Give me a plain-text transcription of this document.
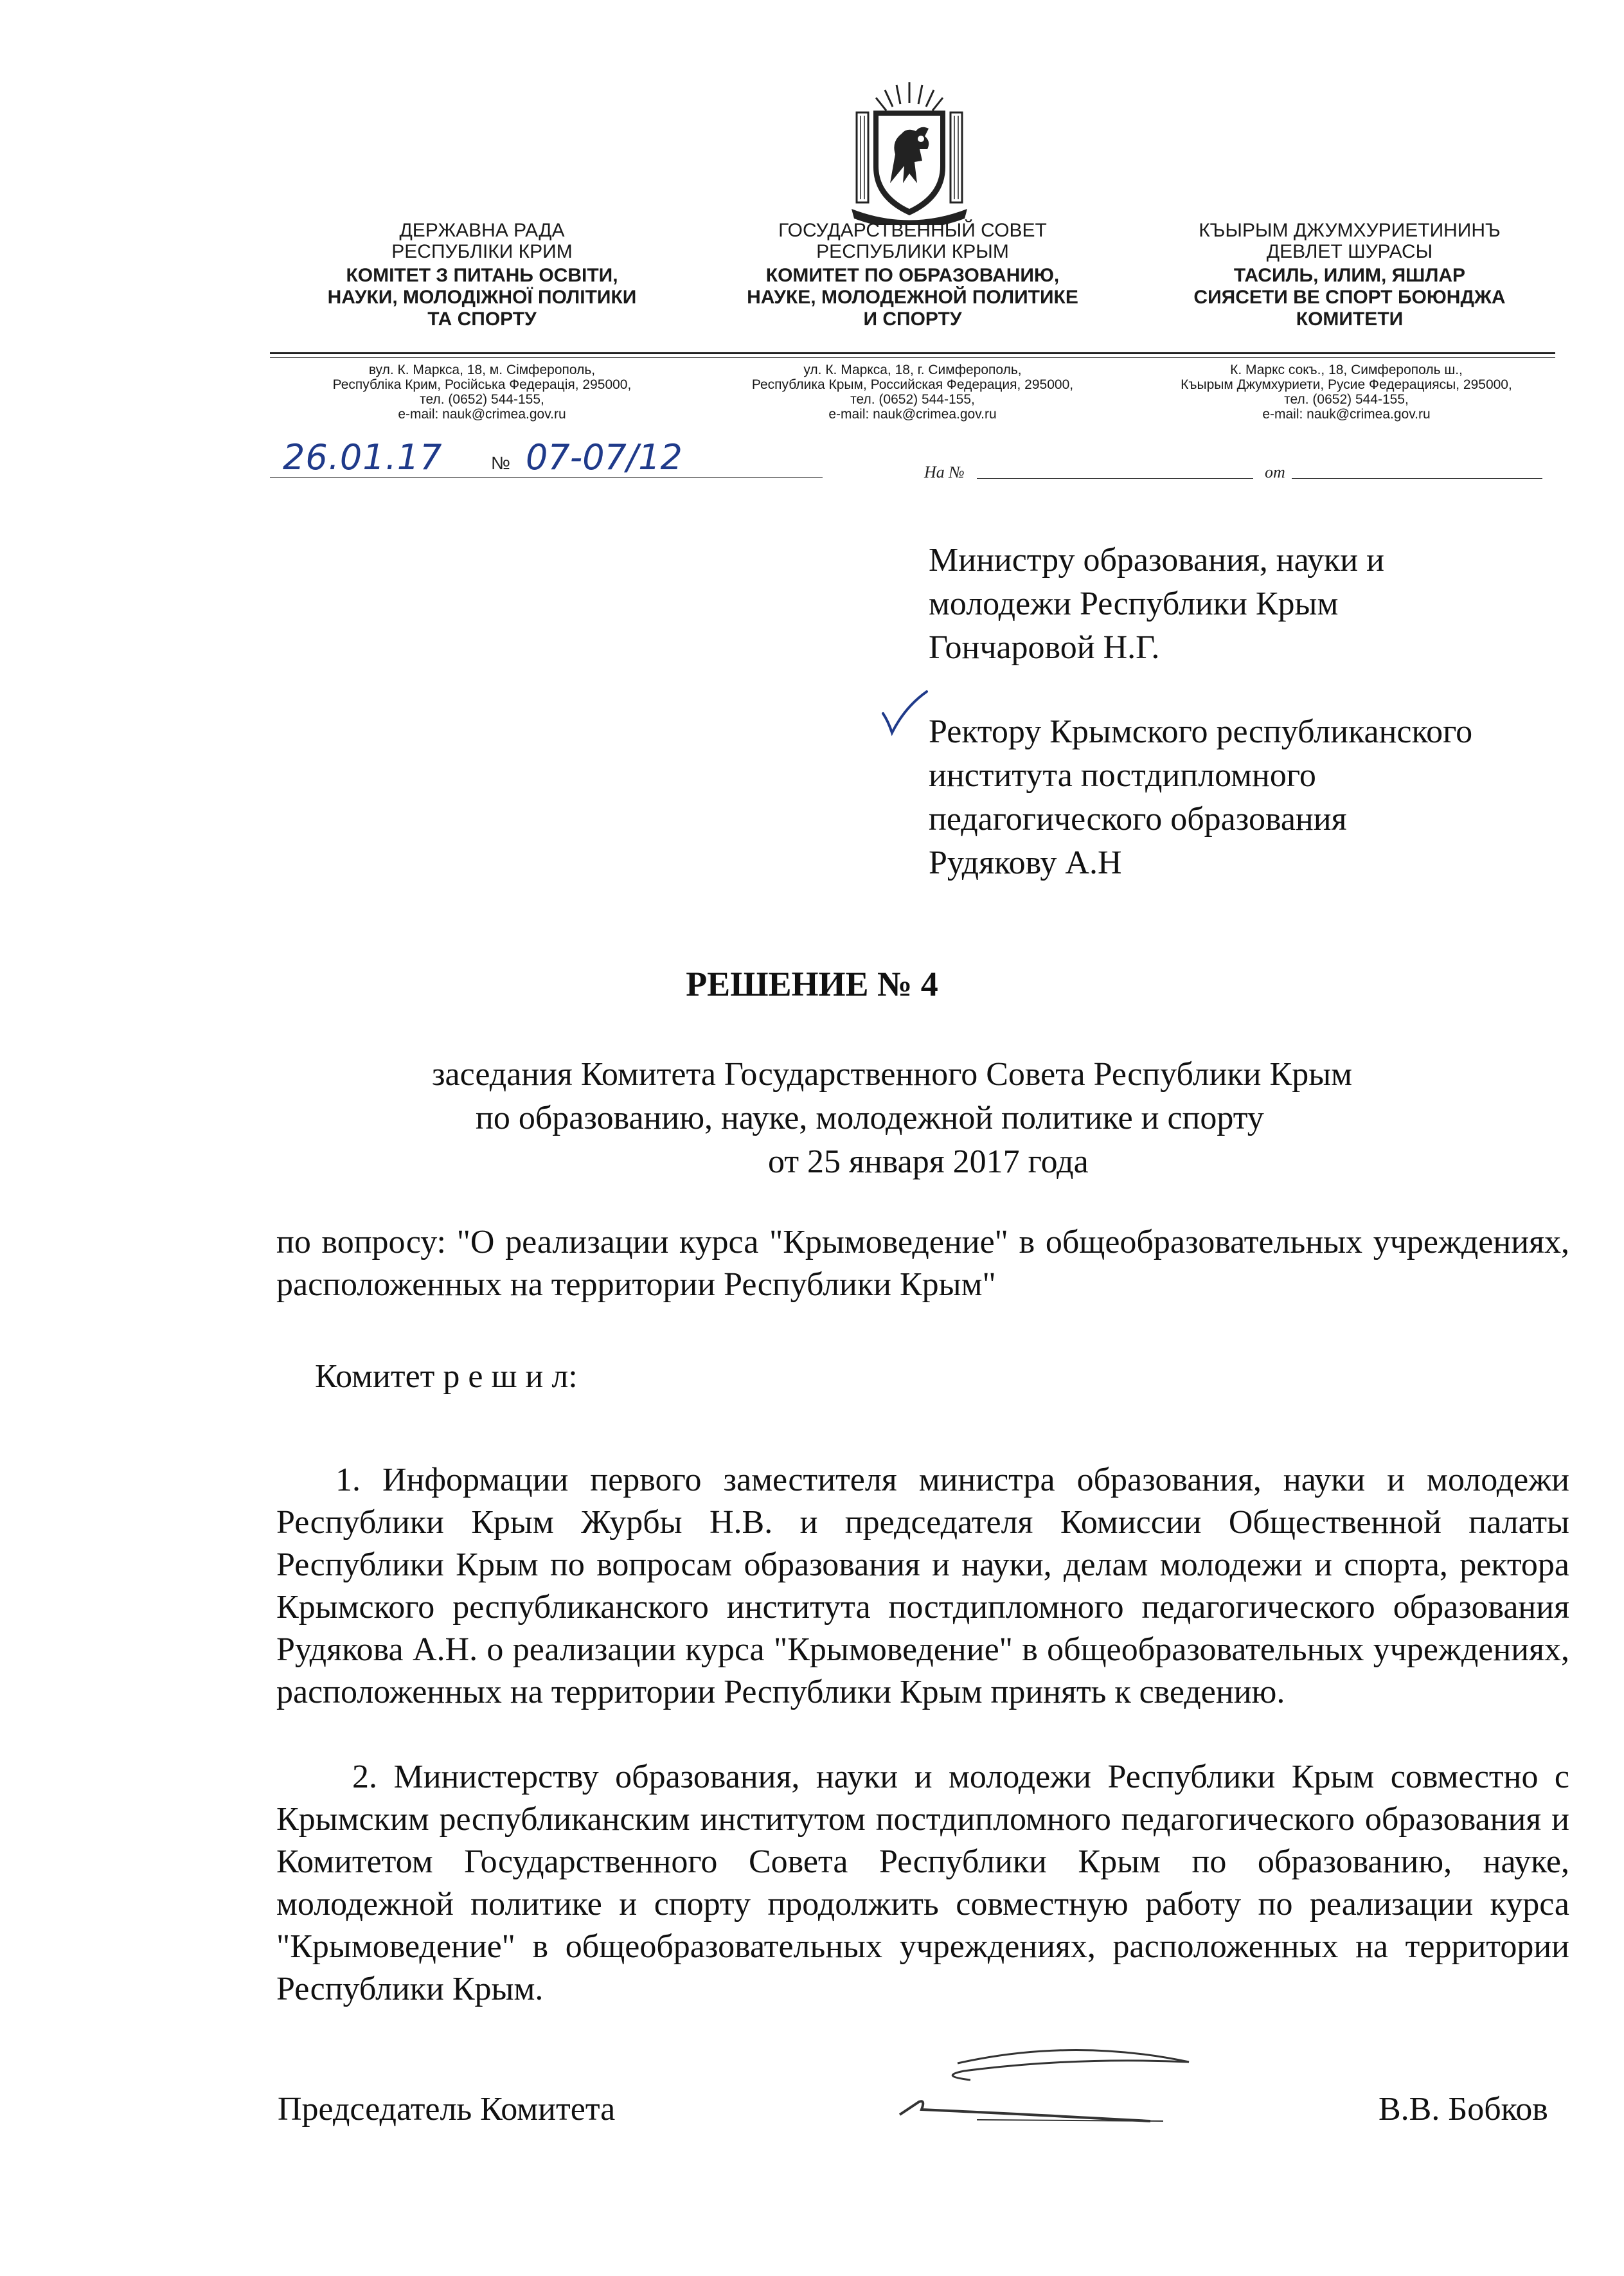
ДЕРЖАВНА РАДА
РЕСПУБЛІКИ КРИМ
КОМІТЕТ З ПИТАНЬ ОСВІТИ,
НАУКИ, МОЛОДІЖНОЇ ПОЛІТИКИ
ТА СПОРТУ
ГОСУДАРСТВЕННЫЙ СОВЕТ
РЕСПУБЛИКИ КРЫМ
КОМИТЕТ ПО ОБРАЗОВАНИЮ,
НАУКЕ, МОЛОДЕЖНОЙ ПОЛИТИКЕ
И СПОРТУ
КЪЫРЫМ ДЖУМХУРИЕТИНИНЪ
ДЕВЛЕТ ШУРАСЫ
ТАСИЛЬ, ИЛИМ, ЯШЛАР
СИЯСЕТИ ВЕ СПОРТ БОЮНДЖА
КОМИТЕТИ
вул. К. Маркса, 18, м. Сімферополь,
Республіка Крим, Російська Федерація, 295000,
тел. (0652) 544-155,
e-mail: nauk@crimea.gov.ru
ул. К. Маркса, 18, г. Симферополь,
Республика Крым, Российская Федерация, 295000,
тел. (0652) 544-155,
e-mail: nauk@crimea.gov.ru
К. Маркс сокъ., 18, Симферополь ш.,
Къырым Джумхуриети, Русие Федерациясы, 295000,
тел. (0652) 544-155,
e-mail: nauk@crimea.gov.ru
26.01.17	№ 07-07/12	На №	от
Министру образования, науки и
молодежи Республики Крым
Гончаровой Н.Г.
Ректору Крымского республиканского
института постдипломного
педагогического образования
Рудякову А.Н
РЕШЕНИЕ № 4
заседания Комитета Государственного Совета Республики Крым
по образованию, науке, молодежной политике и спорту
от 25 января 2017 года
по вопросу: "О реализации курса "Крымоведение" в общеобразовательных учреждениях, расположенных на территории Республики Крым"
Комитет р е ш и л:
1. Информации первого заместителя министра образования, науки и молодежи Республики Крым Журбы Н.В. и председателя Комиссии Общественной палаты Республики Крым по вопросам образования и науки, делам молодежи и спорта, ректора Крымского республиканского института постдипломного педагогического образования Рудякова А.Н. о реализации курса "Крымоведение" в общеобразовательных учреждениях, расположенных на территории Республики Крым принять к сведению.
2. Министерству образования, науки и молодежи Республики Крым совместно с Крымским республиканским институтом постдипломного педагогического образования и Комитетом Государственного Совета Республики Крым по образованию, науке, молодежной политике и спорту продолжить совместную работу по реализации курса "Крымоведение" в общеобразовательных учреждениях, расположенных на территории Республики Крым.
Председатель Комитета	В.В. Бобков
